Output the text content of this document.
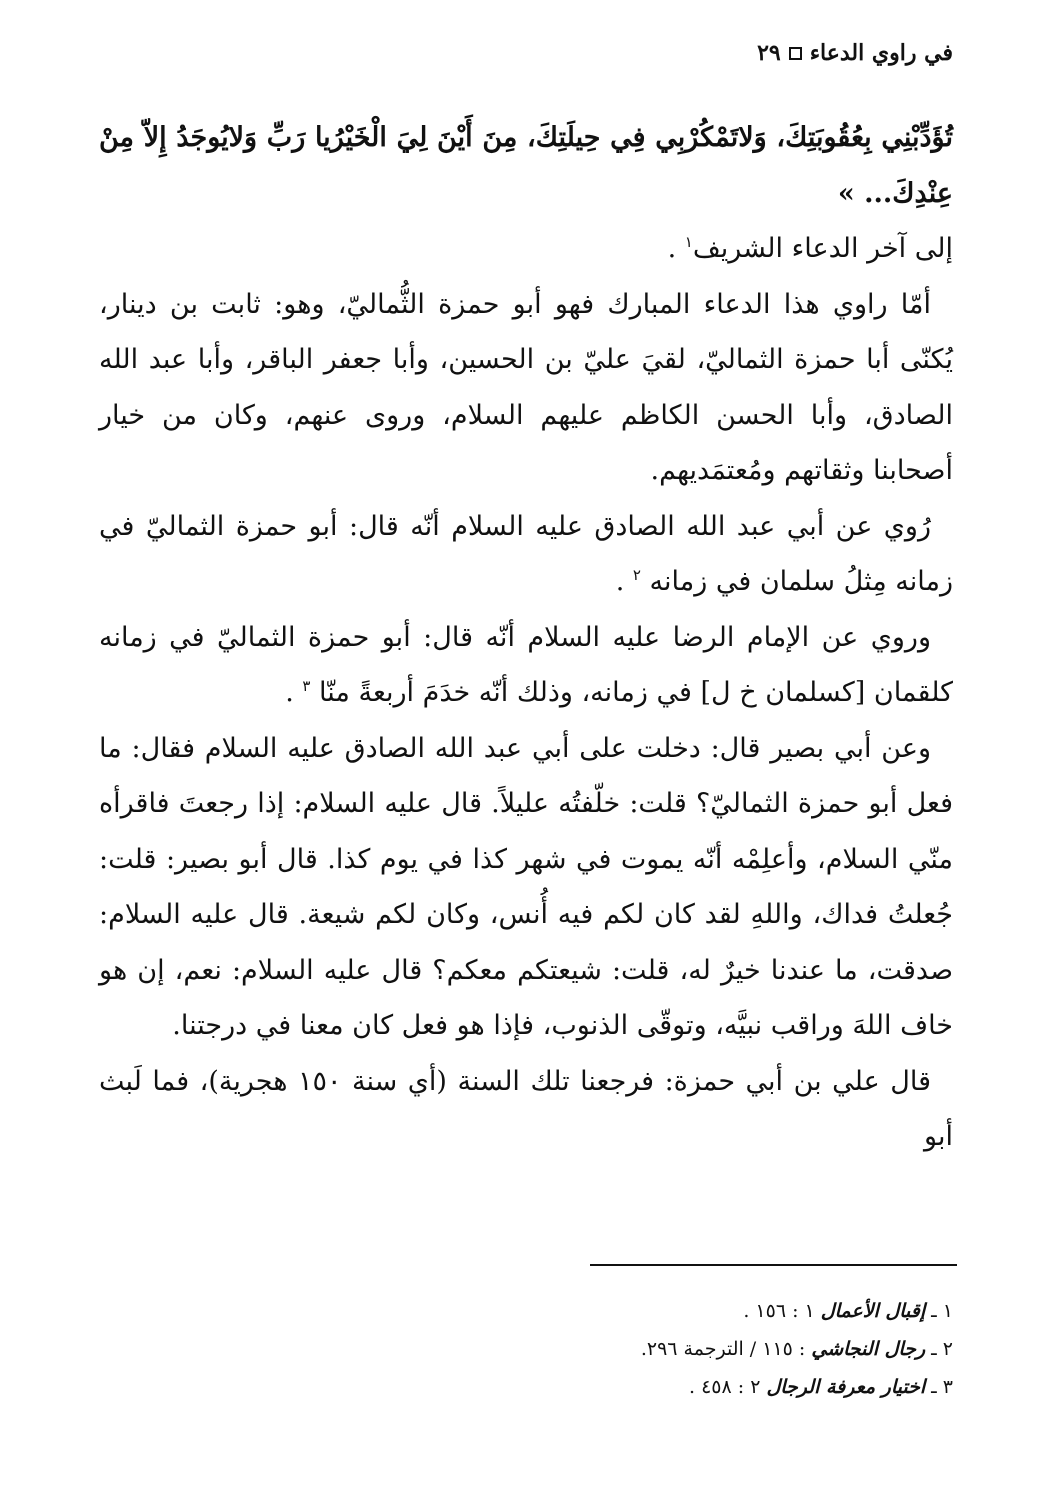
في راوي الدعاء
٢٩

تُؤَدِّبْنِي بِعُقُوبَتِكَ، وَلاتَمْكُرْبِي فِي حِيلَتِكَ، مِنَ أَيْنَ لِيَ الْخَيْرُيا رَبِّ وَلايُوجَدُ إِلاّ مِنْ عِنْدِكَ... »

إلى آخر الدعاء الشريف$^١$ .

أمّا راوي هذا الدعاء المبارك فهو أبو حمزة الثُّماليّ، وهو: ثابت بن دينار، يُكنّى أبا حمزة الثماليّ، لقيَ عليّ بن الحسين، وأبا جعفر الباقر، وأبا عبد الله الصادق، وأبا الحسن الكاظم عليهم السلام، وروى عنهم، وكان من خيار أصحابنا وثقاتهم ومُعتمَديهم.

رُوي عن أبي عبد الله الصادق عليه السلام أنّه قال: أبو حمزة الثماليّ في زمانه مِثلُ سلمان في زمانه $^٢$ .

وروي عن الإمام الرضا عليه السلام أنّه قال: أبو حمزة الثماليّ في زمانه كلقمان [كسلمان خ ل] في زمانه، وذلك أنّه خدَمَ أربعةً منّا $^٣$ .

وعن أبي بصير قال: دخلت على أبي عبد الله الصادق عليه السلام فقال: ما فعل أبو حمزة الثماليّ؟ قلت: خلّفتُه عليلاً. قال عليه السلام: إذا رجعتَ فاقرأه منّي السلام، وأعلِمْه أنّه يموت في شهر كذا في يوم كذا. قال أبو بصير: قلت: جُعلتُ فداك، واللهِ لقد كان لكم فيه أُنس، وكان لكم شيعة. قال عليه السلام: صدقت، ما عندنا خيرٌ له، قلت: شيعتكم معكم؟ قال عليه السلام: نعم، إن هو خاف اللهَ وراقب نبيَّه، وتوقّى الذنوب، فإذا هو فعل كان معنا في درجتنا.

قال علي بن أبي حمزة: فرجعنا تلك السنة (أي سنة ١٥٠ هجرية)، فما لَبث أبو

١ ـ إقبال الأعمال ١ : ١٥٦ .
٢ ـ رجال النجاشي : ١١٥ / الترجمة ٢٩٦.
٣ ـ اختيار معرفة الرجال ٢ : ٤٥٨ .
